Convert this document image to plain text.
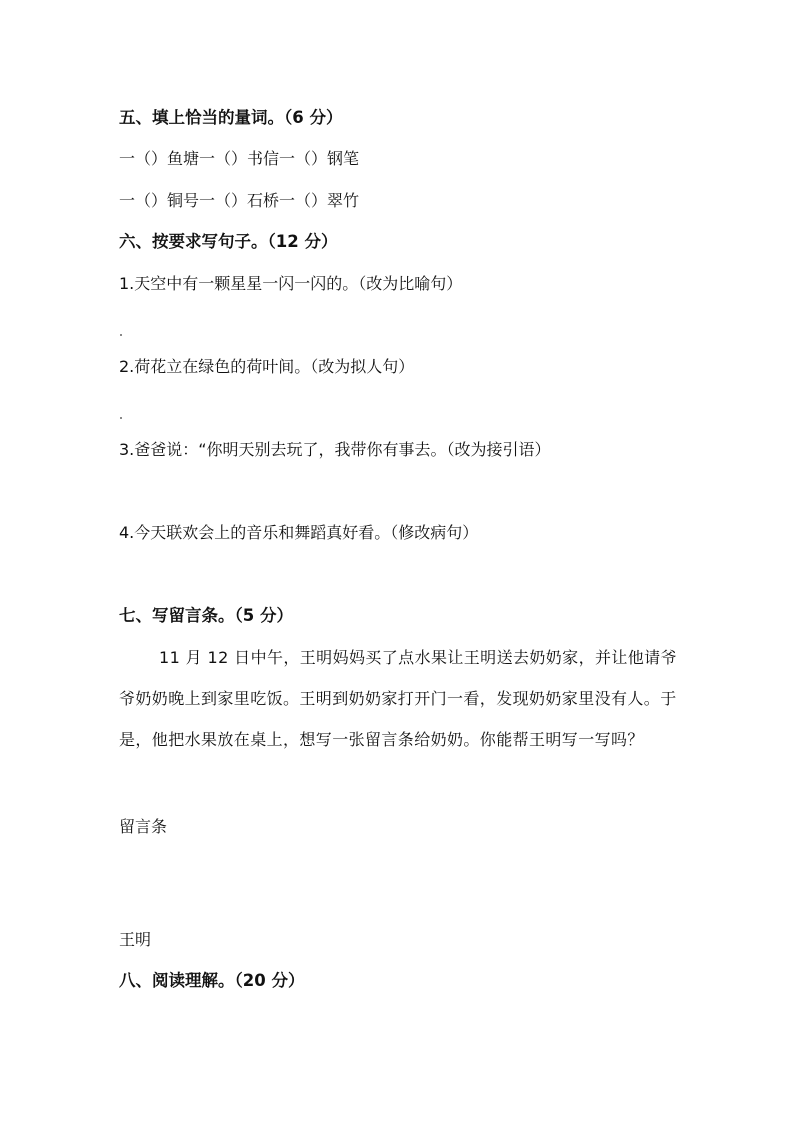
五、填上恰当的量词。（6 分）
一（）鱼塘一（）书信一（）钢笔
一（）铜号一（）石桥一（）翠竹
六、按要求写句子。（12 分）
1.天空中有一颗星星一闪一闪的。（改为比喻句）
2.荷花立在绿色的荷叶间。（改为拟人句）
3.爸爸说：“你明天别去玩了，我带你有事去。（改为接引语）
4.今天联欢会上的音乐和舞蹈真好看。（修改病句）
七、写留言条。（5 分）
11 月 12 日中午，王明妈妈买了点水果让王明送去奶奶家，并让他请爷爷奶奶晚上到家里吃饭。王明到奶奶家打开门一看，发现奶奶家里没有人。于是，他把水果放在桌上，想写一张留言条给奶奶。你能帮王明写一写吗？
留言条
王明
八、阅读理解。（20 分）
